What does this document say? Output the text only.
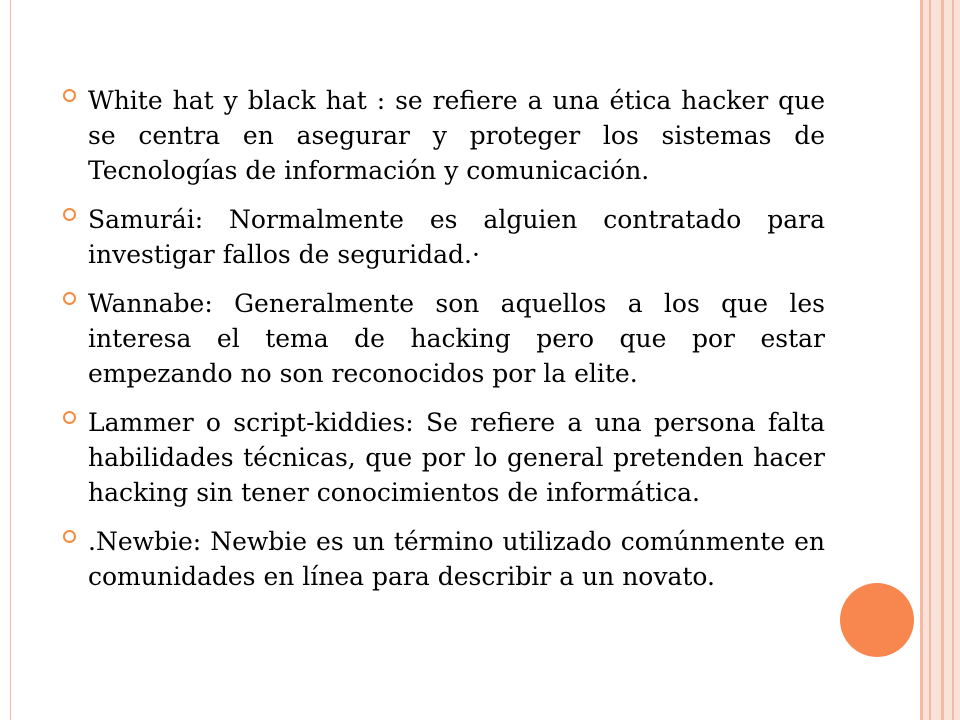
White hat y black hat : se refiere a una ética hacker que se centra en asegurar y proteger los sistemas de Tecnologías de información y comunicación.
Samurái: Normalmente es alguien contratado para investigar fallos de seguridad.·
Wannabe: Generalmente son aquellos a los que les interesa el tema de hacking pero que por estar empezando no son reconocidos por la elite.
Lammer o script-kiddies: Se refiere a una persona falta habilidades técnicas, que por lo general pretenden hacer hacking sin tener conocimientos de informática.
.Newbie: Newbie es un término utilizado comúnmente en comunidades en línea para describir a un novato.
